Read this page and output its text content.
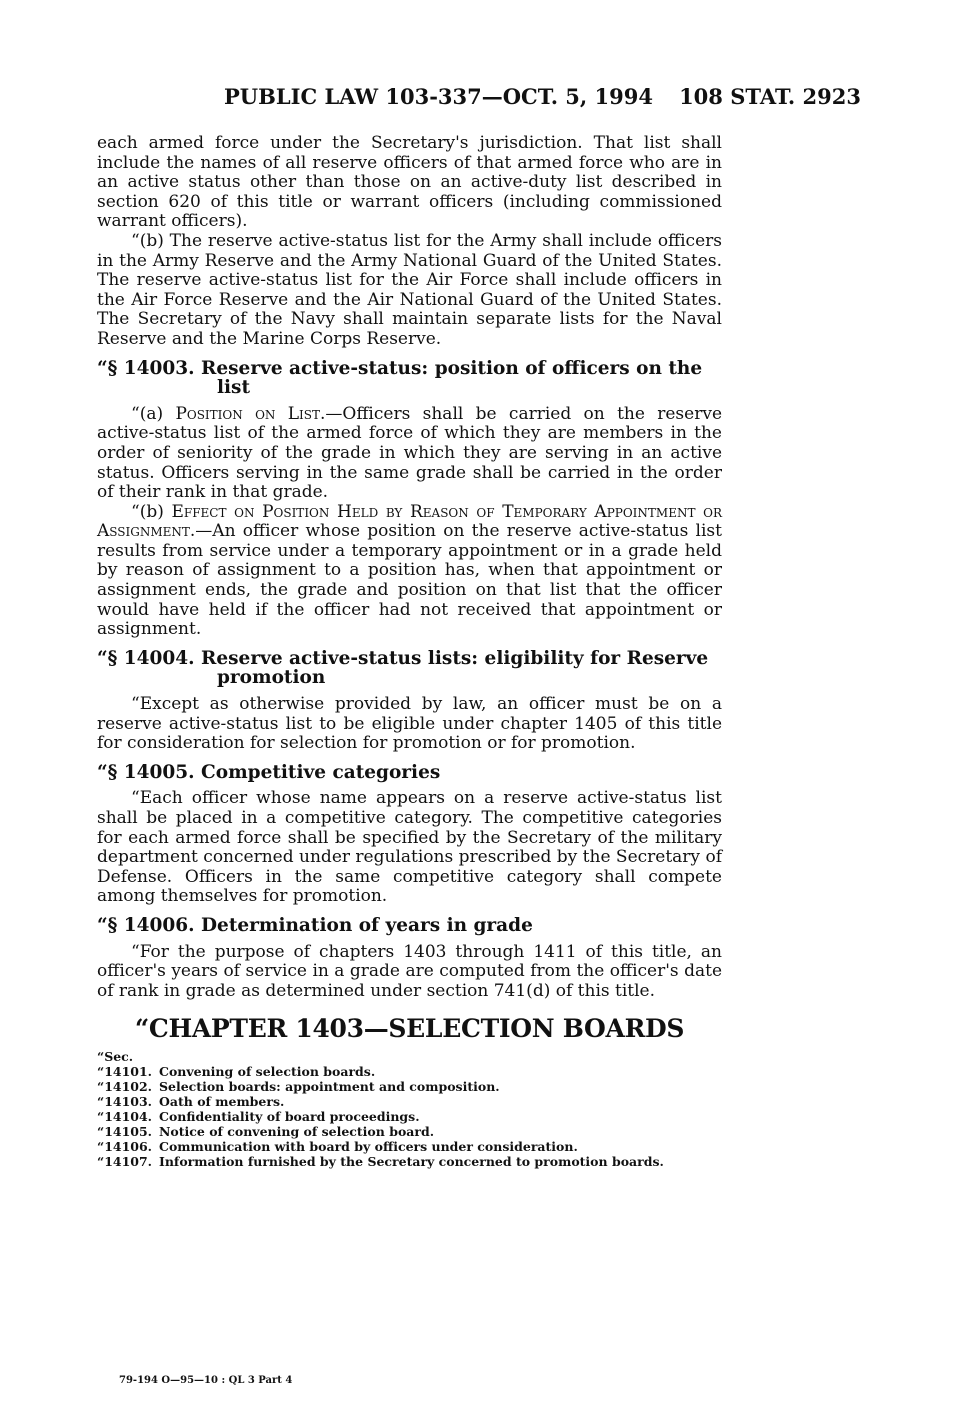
PUBLIC LAW 103-337—OCT. 5, 1994 108 STAT. 2923

each armed force under the Secretary's jurisdiction. That list shall include the names of all reserve officers of that armed force who are in an active status other than those on an active-duty list described in section 620 of this title or warrant officers (including commissioned warrant officers).

“(b) The reserve active-status list for the Army shall include officers in the Army Reserve and the Army National Guard of the United States. The reserve active-status list for the Air Force shall include officers in the Air Force Reserve and the Air National Guard of the United States. The Secretary of the Navy shall maintain separate lists for the Naval Reserve and the Marine Corps Reserve.

“§ 14003. Reserve active-status: position of officers on the list

“(a) Position on List.—Officers shall be carried on the reserve active-status list of the armed force of which they are members in the order of seniority of the grade in which they are serving in an active status. Officers serving in the same grade shall be carried in the order of their rank in that grade.

“(b) Effect on Position Held by Reason of Temporary Appointment or Assignment.—An officer whose position on the reserve active-status list results from service under a temporary appointment or in a grade held by reason of assignment to a position has, when that appointment or assignment ends, the grade and position on that list that the officer would have held if the officer had not received that appointment or assignment.

“§ 14004. Reserve active-status lists: eligibility for Reserve promotion

“Except as otherwise provided by law, an officer must be on a reserve active-status list to be eligible under chapter 1405 of this title for consideration for selection for promotion or for promotion.

“§ 14005. Competitive categories

“Each officer whose name appears on a reserve active-status list shall be placed in a competitive category. The competitive categories for each armed force shall be specified by the Secretary of the military department concerned under regulations prescribed by the Secretary of Defense. Officers in the same competitive category shall compete among themselves for promotion.

“§ 14006. Determination of years in grade

“For the purpose of chapters 1403 through 1411 of this title, an officer's years of service in a grade are computed from the officer's date of rank in grade as determined under section 741(d) of this title.

“CHAPTER 1403—SELECTION BOARDS
“Sec.
“14101. Convening of selection boards.
“14102. Selection boards: appointment and composition.
“14103. Oath of members.
“14104. Confidentiality of board proceedings.
“14105. Notice of convening of selection board.
“14106. Communication with board by officers under consideration.
“14107. Information furnished by the Secretary concerned to promotion boards.
79-194 O—95—10 : QL 3 Part 4
